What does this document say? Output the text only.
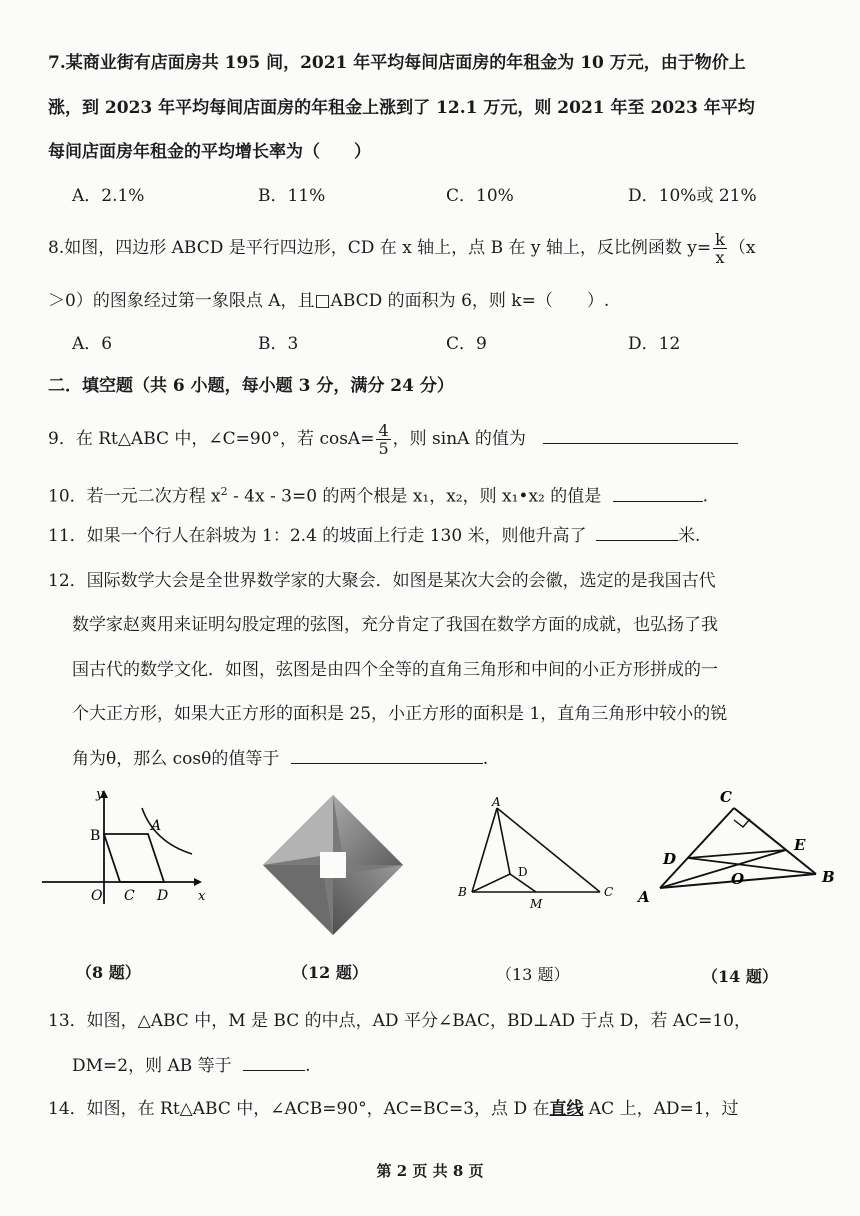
7.某商业街有店面房共 195 间，2021 年平均每间店面房的年租金为 10 万元，由于物价上
涨，到 2023 年平均每间店面房的年租金上涨到了 12.1 万元，则 2021 年至 2023 年平均
每间店面房年租金的平均增长率为（　　）
A．2.1%	B．11%	C．10%	D．10%或 21%
8.如图，四边形 ABCD 是平行四边形，CD 在 x 轴上，点 B 在 y 轴上，反比例函数 $y= \frac{k}{x} (x$
＞0）的图象经过第一象限点 A，且□ABCD 的面积为 6，则 k=（　　）.
A．6	B．3	C．9	D．12
二．填空题（共 6 小题，每小题 3 分，满分 24 分）
9．在 Rt△ABC 中，∠C=90°，若 $\cos A= \frac{4}{5}$ ，则 sinA 的值为
10．若一元二次方程 $x^2 - 4x - 3=0$ 的两个根是 x₁，x₂，则 x₁•x₂ 的值是	.
11．如果一个行人在斜坡为 1：2.4 的坡面上行走 130 米，则他升高了	米.
12．国际数学大会是全世界数学家的大聚会．如图是某次大会的会徽，选定的是我国古代
数学家赵爽用来证明勾股定理的弦图，充分肯定了我国在数学方面的成就，也弘扬了我
国古代的数学文化．如图，弦图是由四个全等的直角三角形和中间的小正方形拼成的一
个大正方形，如果大正方形的面积是 25，小正方形的面积是 1，直角三角形中较小的锐
角为θ，那么 cosθ的值等于	.
y
x
B
A
O C D
（8 题）	（12 题）
A
B	C
D
M
（13 题）
C
D
E
O
A
B
（14 题）
13．如图，△ABC 中，M 是 BC 的中点，AD 平分∠BAC，BD⊥AD 于点 D，若 AC=10，
DM=2，则 AB 等于	.
14．如图，在 Rt△ABC 中，∠ACB=90°，AC=BC=3，点 D 在直线 AC 上，AD=1，过
第 2 页 共 8 页
